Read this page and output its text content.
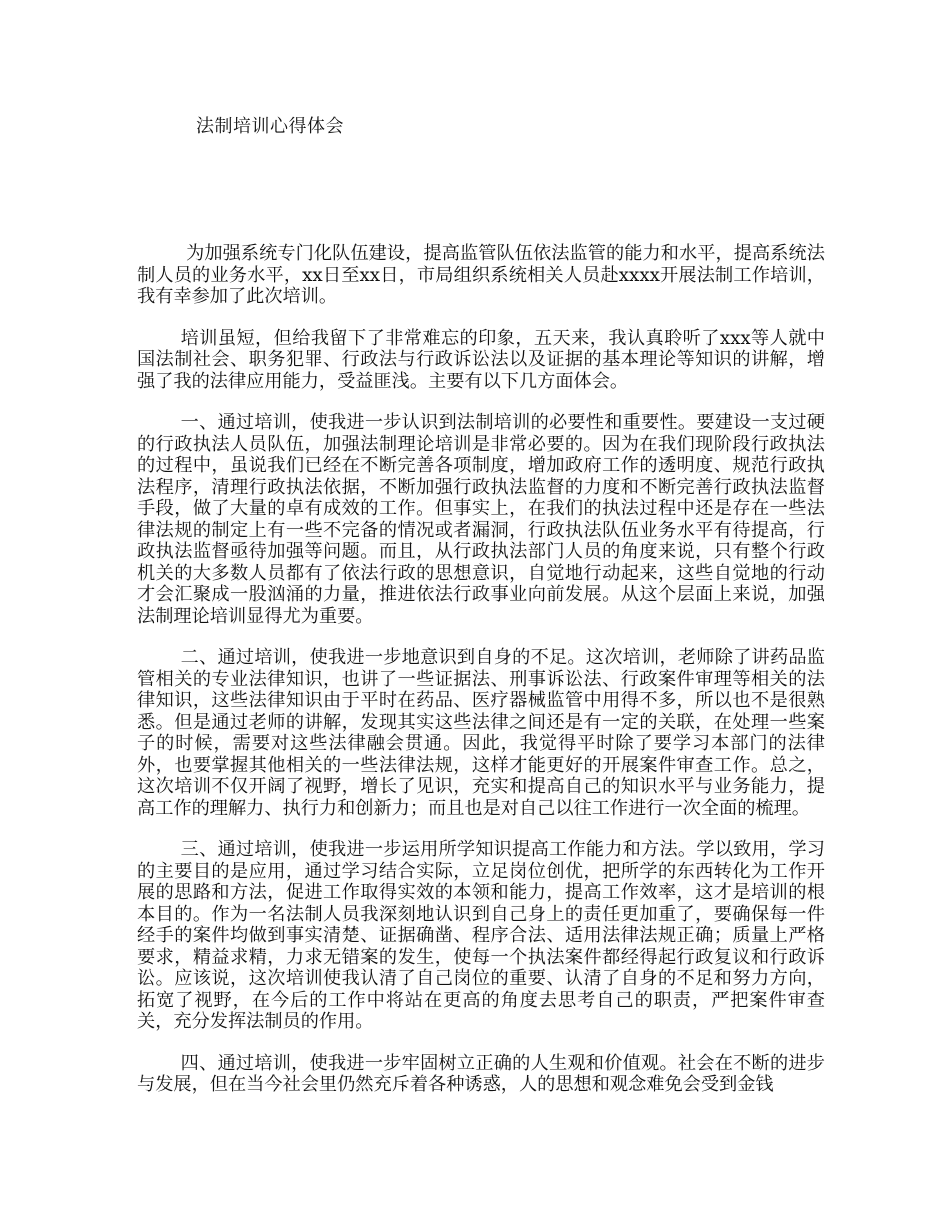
法制培训心得体会

为加强系统专门化队伍建设，提高监管队伍依法监管的能力和水平，提高系统法制人员的业务水平，xx日至xx日，市局组织系统相关人员赴xxxx开展法制工作培训，我有幸参加了此次培训。

培训虽短，但给我留下了非常难忘的印象，五天来，我认真聆听了xxx等人就中国法制社会、职务犯罪、行政法与行政诉讼法以及证据的基本理论等知识的讲解，增强了我的法律应用能力，受益匪浅。主要有以下几方面体会。

一、通过培训，使我进一步认识到法制培训的必要性和重要性。要建设一支过硬的行政执法人员队伍，加强法制理论培训是非常必要的。因为在我们现阶段行政执法的过程中，虽说我们已经在不断完善各项制度，增加政府工作的透明度、规范行政执法程序，清理行政执法依据，不断加强行政执法监督的力度和不断完善行政执法监督手段，做了大量的卓有成效的工作。但事实上，在我们的执法过程中还是存在一些法律法规的制定上有一些不完备的情况或者漏洞，行政执法队伍业务水平有待提高，行政执法监督亟待加强等问题。而且，从行政执法部门人员的角度来说，只有整个行政机关的大多数人员都有了依法行政的思想意识，自觉地行动起来，这些自觉地的行动才会汇聚成一股汹涌的力量，推进依法行政事业向前发展。从这个层面上来说，加强法制理论培训显得尤为重要。

二、通过培训，使我进一步地意识到自身的不足。这次培训，老师除了讲药品监管相关的专业法律知识，也讲了一些证据法、刑事诉讼法、行政案件审理等相关的法律知识，这些法律知识由于平时在药品、医疗器械监管中用得不多，所以也不是很熟悉。但是通过老师的讲解，发现其实这些法律之间还是有一定的关联，在处理一些案子的时候，需要对这些法律融会贯通。因此，我觉得平时除了要学习本部门的法律外，也要掌握其他相关的一些法律法规，这样才能更好的开展案件审查工作。总之，这次培训不仅开阔了视野，增长了见识，充实和提高自己的知识水平与业务能力，提高工作的理解力、执行力和创新力；而且也是对自己以往工作进行一次全面的梳理。

三、通过培训，使我进一步运用所学知识提高工作能力和方法。学以致用，学习的主要目的是应用，通过学习结合实际，立足岗位创优，把所学的东西转化为工作开展的思路和方法，促进工作取得实效的本领和能力，提高工作效率，这才是培训的根本目的。作为一名法制人员我深刻地认识到自己身上的责任更加重了，要确保每一件经手的案件均做到事实清楚、证据确凿、程序合法、适用法律法规正确；质量上严格要求，精益求精，力求无错案的发生，使每一个执法案件都经得起行政复议和行政诉讼。应该说，这次培训使我认清了自己岗位的重要、认清了自身的不足和努力方向，拓宽了视野，在今后的工作中将站在更高的角度去思考自己的职责，严把案件审查关，充分发挥法制员的作用。

四、通过培训，使我进一步牢固树立正确的人生观和价值观。社会在不断的进步与发展，但在当今社会里仍然充斥着各种诱惑，人的思想和观念难免会受到金钱
